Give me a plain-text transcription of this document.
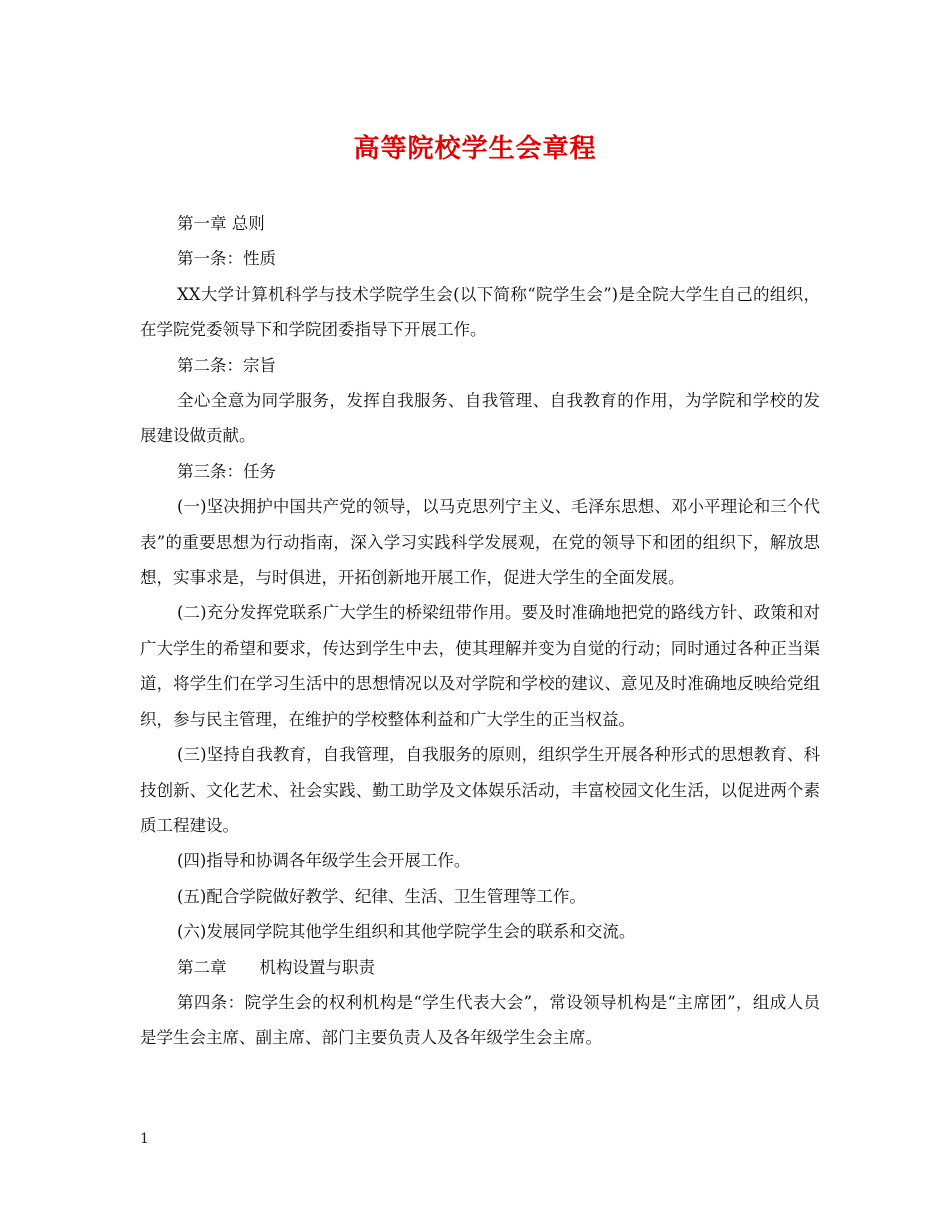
高等院校学生会章程

第一章 总则

第一条：性质

XX大学计算机科学与技术学院学生会(以下简称“院学生会”)是全院大学生自己的组织，在学院党委领导下和学院团委指导下开展工作。

第二条：宗旨

全心全意为同学服务，发挥自我服务、自我管理、自我教育的作用，为学院和学校的发展建设做贡献。

第三条：任务

(一)坚决拥护中国共产党的领导，以马克思列宁主义、毛泽东思想、邓小平理论和三个代表”的重要思想为行动指南，深入学习实践科学发展观，在党的领导下和团的组织下，解放思想，实事求是，与时俱进，开拓创新地开展工作，促进大学生的全面发展。

(二)充分发挥党联系广大学生的桥梁纽带作用。要及时准确地把党的路线方针、政策和对广大学生的希望和要求，传达到学生中去，使其理解并变为自觉的行动；同时通过各种正当渠道，将学生们在学习生活中的思想情况以及对学院和学校的建议、意见及时准确地反映给党组织，参与民主管理，在维护的学校整体利益和广大学生的正当权益。

(三)坚持自我教育，自我管理，自我服务的原则，组织学生开展各种形式的思想教育、科技创新、文化艺术、社会实践、勤工助学及文体娱乐活动，丰富校园文化生活，以促进两个素质工程建设。

(四)指导和协调各年级学生会开展工作。

(五)配合学院做好教学、纪律、生活、卫生管理等工作。

(六)发展同学院其他学生组织和其他学院学生会的联系和交流。

第二章　　机构设置与职责

第四条：院学生会的权利机构是“学生代表大会”，常设领导机构是“主席团”，组成人员是学生会主席、副主席、部门主要负责人及各年级学生会主席。

1
